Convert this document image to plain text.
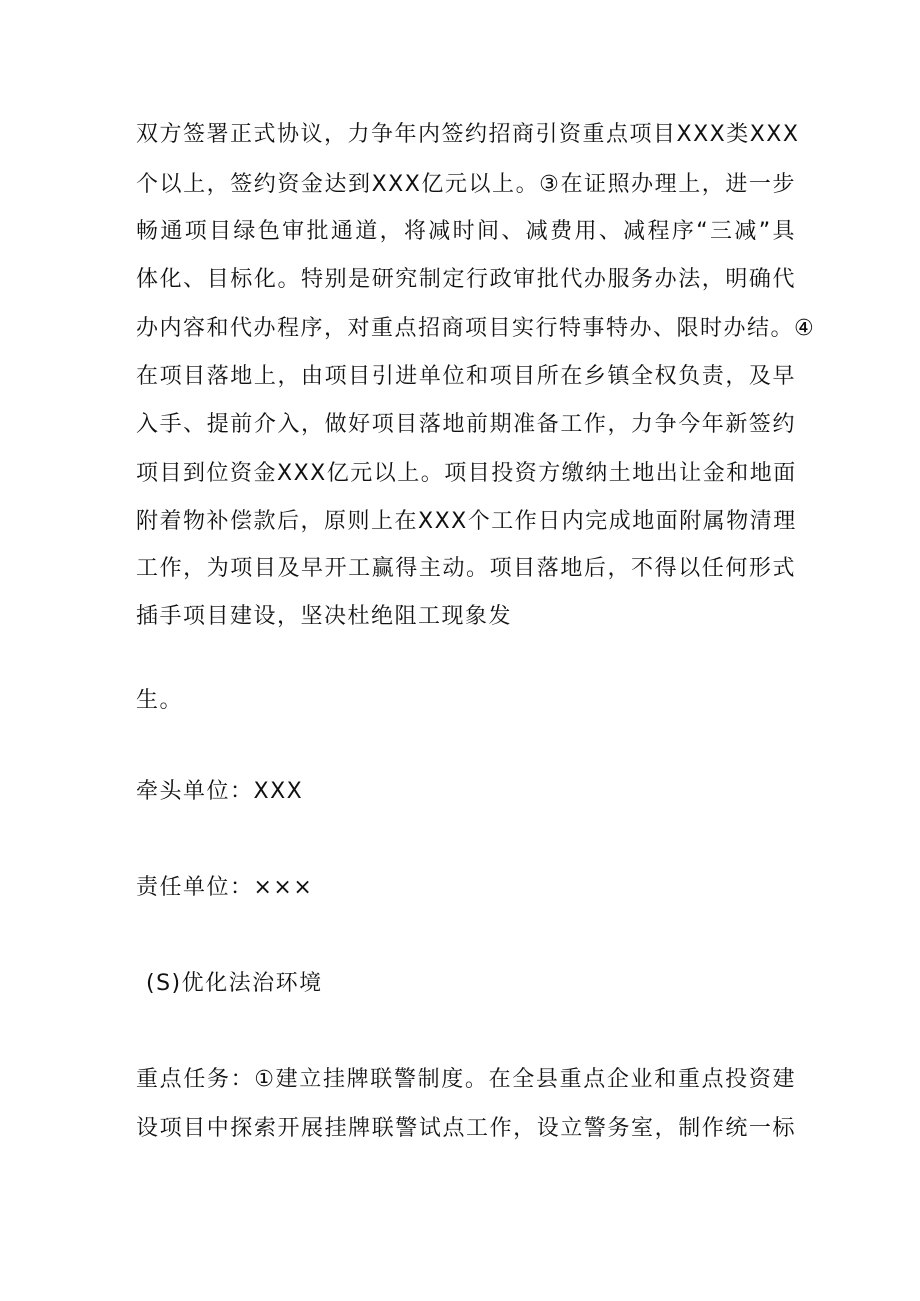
双方签署正式协议，力争年内签约招商引资重点项目XXX类XXX
个以上，签约资金达到XXX亿元以上。③在证照办理上，进一步
畅通项目绿色审批通道，将减时间、减费用、减程序“三减”具
体化、目标化。特别是研究制定行政审批代办服务办法，明确代
办内容和代办程序，对重点招商项目实行特事特办、限时办结。④
在项目落地上，由项目引进单位和项目所在乡镇全权负责，及早
入手、提前介入，做好项目落地前期准备工作，力争今年新签约
项目到位资金XXX亿元以上。项目投资方缴纳土地出让金和地面
附着物补偿款后，原则上在XXX个工作日内完成地面附属物清理
工作，为项目及早开工赢得主动。项目落地后，不得以任何形式
插手项目建设，坚决杜绝阻工现象发
生。
牵头单位：XXX
责任单位：×××
(S)优化法治环境
重点任务：①建立挂牌联警制度。在全县重点企业和重点投资建
设项目中探索开展挂牌联警试点工作，设立警务室，制作统一标
